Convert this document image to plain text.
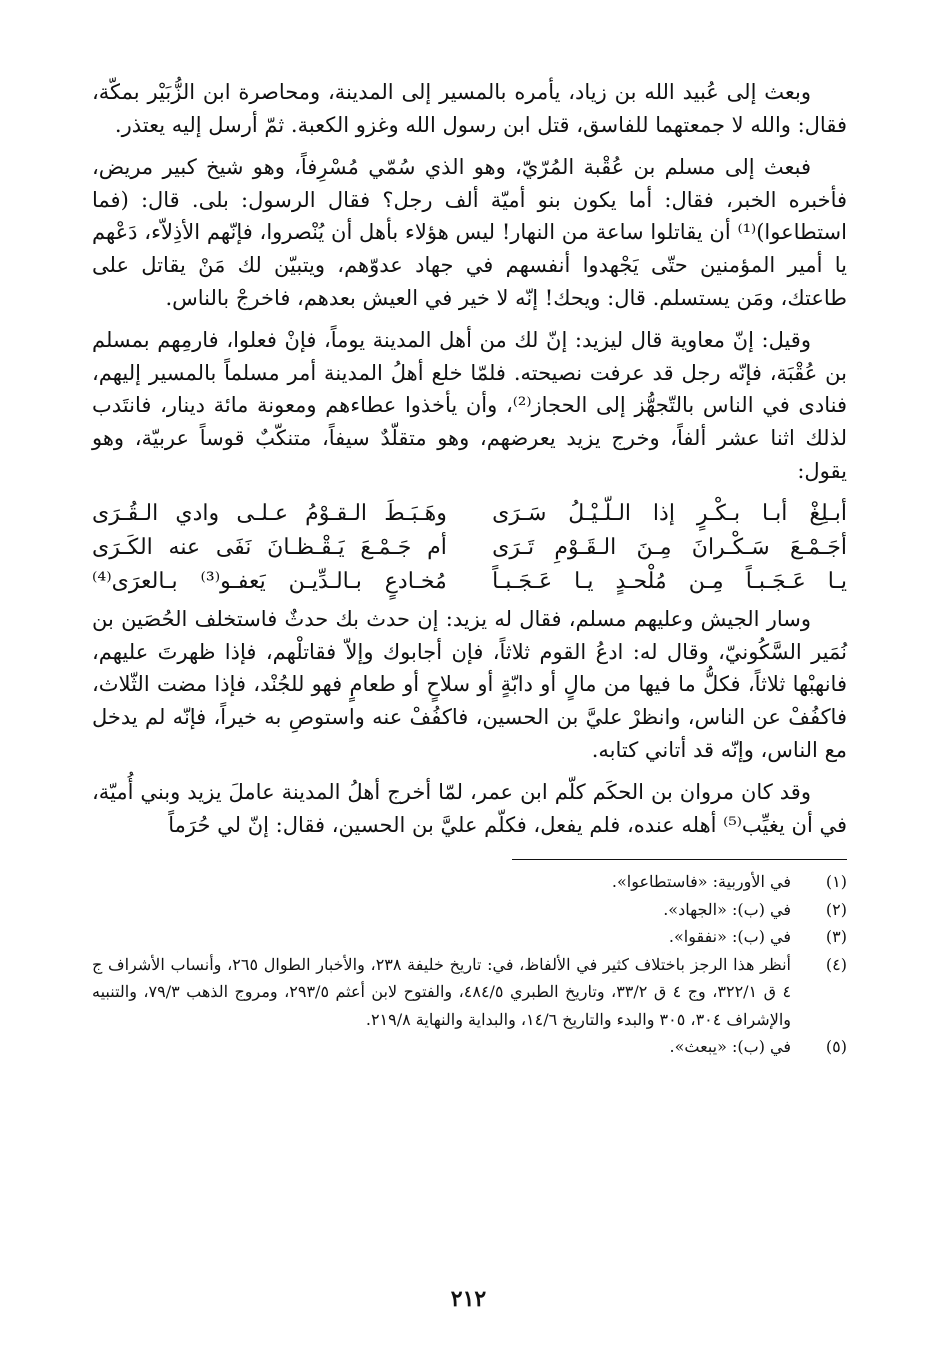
وبعث إلى عُبيد الله بن زياد، يأمره بالمسير إلى المدينة، ومحاصرة ابن الزُّبَيْر بمكّة، فقال: والله لا جمعتهما للفاسق، قتل ابن رسول الله وغزو الكعبة. ثمّ أرسل إليه يعتذر.

فبعث إلى مسلم بن عُقْبة المُرّيّ، وهو الذي سُمّي مُسْرِفاً، وهو شيخ كبير مريض، فأخبره الخبر، فقال: أما يكون بنو أميّة ألف رجل؟ فقال الرسول: بلى. قال: (فما استطاعوا)⁽¹⁾ أن يقاتلوا ساعة من النهار! ليس هؤلاء بأهل أن يُنْصروا، فإنّهم الأذِلاّء، دَعْهم يا أمير المؤمنين حتّى يَجْهدوا أنفسهم في جهاد عدوّهم، ويتبيّن لك مَنْ يقاتل على طاعتك، ومَن يستسلم. قال: ويحك! إنّه لا خير في العيش بعدهم، فاخرجْ بالناس.

وقيل: إنّ معاوية قال ليزيد: إنّ لك من أهل المدينة يوماً، فإنْ فعلوا، فارمِهم بمسلم بن عُقْبَة، فإنّه رجل قد عرفت نصيحته. فلمّا خلع أهلُ المدينة أمر مسلماً بالمسير إليهم، فنادى في الناس بالتّجهُّز إلى الحجاز⁽²⁾، وأن يأخذوا عطاءهم ومعونة مائة دينار، فانتَدب لذلك اثنا عشر ألفاً، وخرج يزيد يعرضهم، وهو متقلّدٌ سيفاً، متنكّبٌ قوساً عربيّة، وهو يقول:

أبـلِغْ أبـا بـكْـرٍ إذا الـلّـيْـلُ سَـرَى
وهَـبَـطَ الـقـوْمُ عـلـى وادي الـقُـرَى
أجَـمْـعَ سَـكْـرانَ مِـنَ الـقَـوْمِ تَـرَى
أم جَـمْـعَ يَـقْـظـانَ نَفَى عنه الكَـرَى
يـا عَـجَـبـاً مِـن مُلْحـدٍ يـا عَـجَـبـاً
مُخـادعٍ بـالـدِّيـن يَعفـو⁽³⁾ بـالعرَى⁽⁴⁾

وسار الجيش وعليهم مسلم، فقال له يزيد: إن حدث بك حدثٌ فاستخلف الحُصَين بن نُمَير السَّكُونيّ، وقال له: ادعُ القوم ثلاثاً، فإن أجابوك وإلاّ فقاتلْهم، فإذا ظهرتَ عليهم، فانهبْها ثلاثاً، فكلُّ ما فيها من مالٍ أو دابّةٍ أو سلاحٍ أو طعامٍ فهو للجُنْد، فإذا مضت الثّلاث، فاكفُفْ عن الناس، وانظرْ عليَّ بن الحسين، فاكفُفْ عنه واستوصِ به خيراً، فإنّه لم يدخل مع الناس، وإنّه قد أتاني كتابه.

وقد كان مروان بن الحكَم كلّم ابن عمر، لمّا أخرج أهلُ المدينة عاملَ يزيد وبني أُميّة، في أن يغيِّب⁽⁵⁾ أهله عنده، فلم يفعل، فكلّم عليَّ بن الحسين، فقال: إنّ لي حُرَماً

(١)
في الأوربية: «فاستطاعوا».
(٢)
في (ب): «الجهاد».
(٣)
في (ب): «نفقوا».
(٤)
أنظر هذا الرجز باختلاف كثير في الألفاظ، في: تاريخ خليفة ٢٣٨، والأخبار الطوال ٢٦٥، وأنساب الأشراف ج ٤ ق ٣٢٢/١، وج ٤ ق ٣٣/٢، وتاريخ الطبري ٤٨٤/٥، والفتوح لابن أعثم ٢٩٣/٥، ومروج الذهب ٧٩/٣، والتنبيه والإشراف ٣٠٤، ٣٠٥ والبدء والتاريخ ١٤/٦، والبداية والنهاية ٢١٩/٨.
(٥)
في (ب): «يبعث».
٢١٢
